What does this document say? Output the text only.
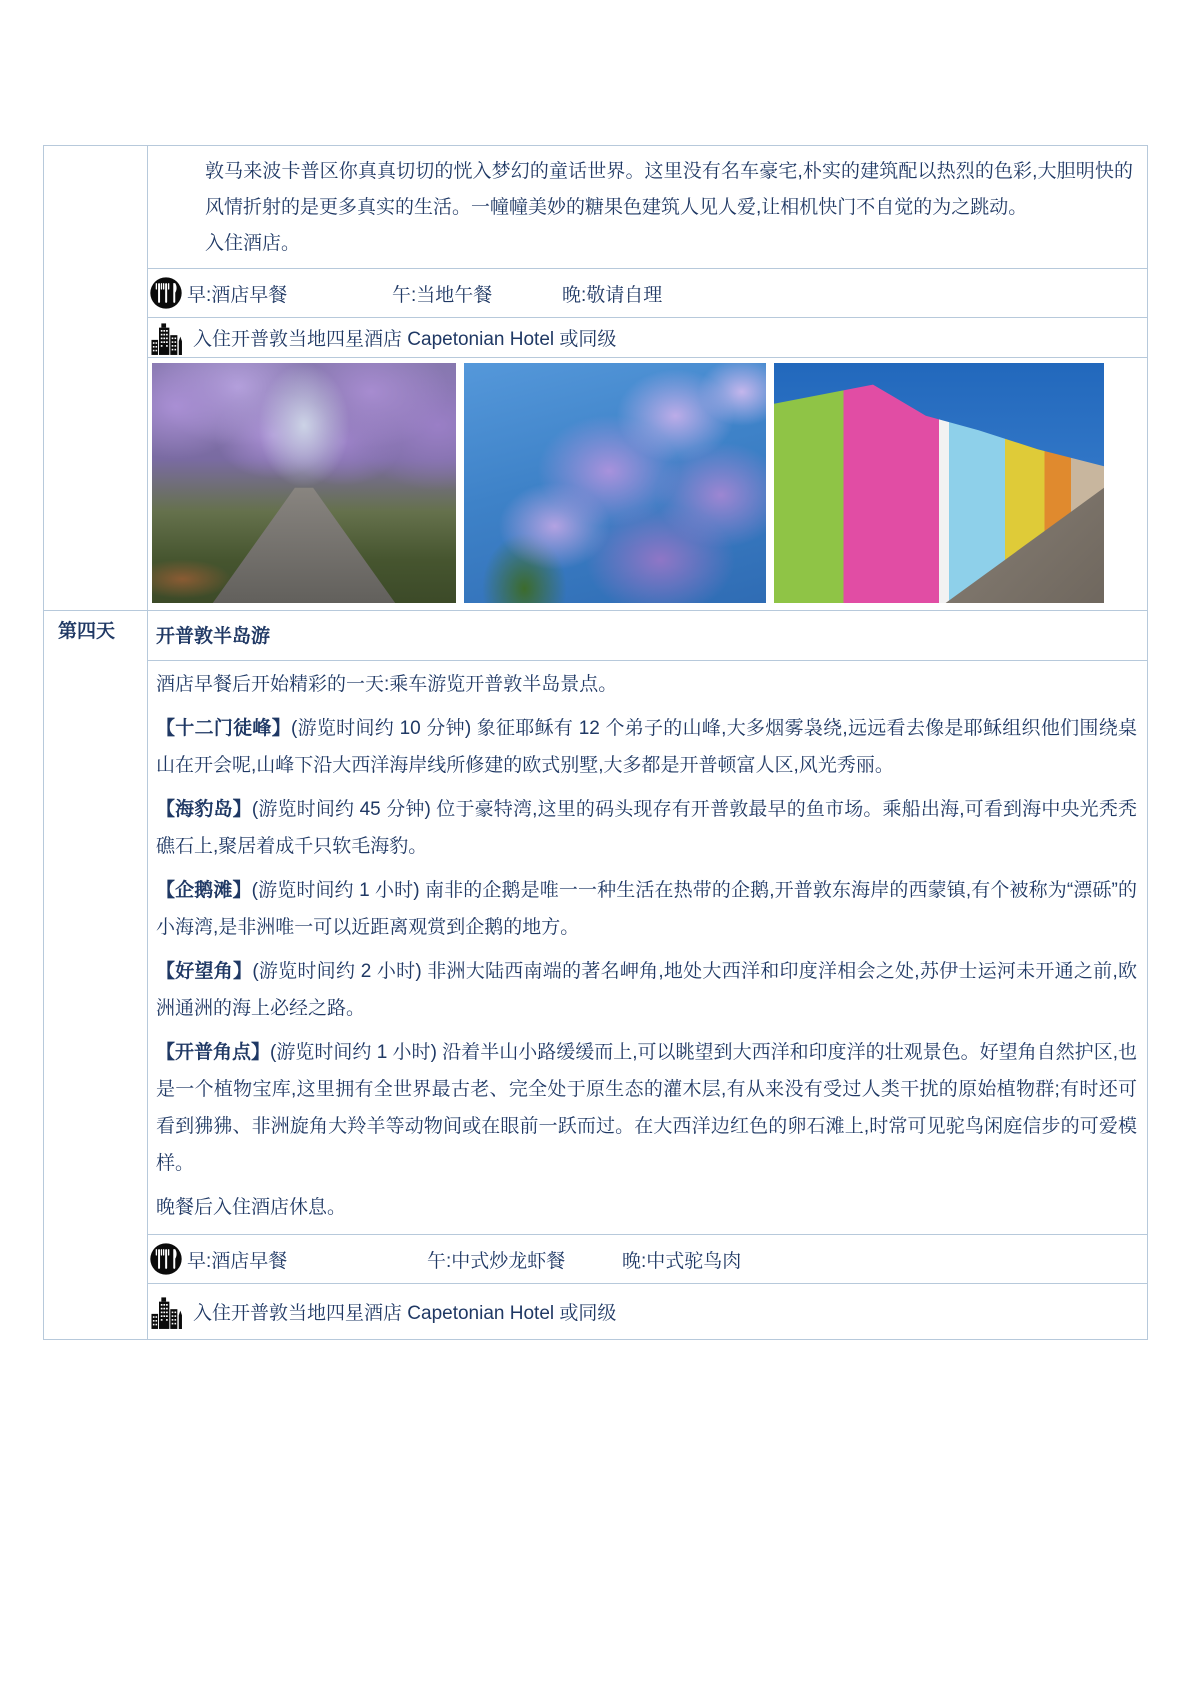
敦马来波卡普区你真真切切的恍入梦幻的童话世界。这里没有名车豪宅,朴实的建筑配以热烈的色彩,大胆明快的风情折射的是更多真实的生活。一幢幢美妙的糖果色建筑人见人爱,让相机快门不自觉的为之跳动。

入住酒店。

早:酒店早餐	午:当地午餐	晚:敬请自理
入住开普敦当地四星酒店 Capetonian Hotel 或同级
第四天	开普敦半岛游

酒店早餐后开始精彩的一天:乘车游览开普敦半岛景点。

【十二门徒峰】(游览时间约 10 分钟) 象征耶稣有 12 个弟子的山峰,大多烟雾袅绕,远远看去像是耶稣组织他们围绕桌山在开会呢,山峰下沿大西洋海岸线所修建的欧式别墅,大多都是开普顿富人区,风光秀丽。

【海豹岛】(游览时间约 45 分钟) 位于豪特湾,这里的码头现存有开普敦最早的鱼市场。乘船出海,可看到海中央光秃秃礁石上,聚居着成千只软毛海豹。

【企鹅滩】(游览时间约 1 小时) 南非的企鹅是唯一一种生活在热带的企鹅,开普敦东海岸的西蒙镇,有个被称为“漂砾”的小海湾,是非洲唯一可以近距离观赏到企鹅的地方。

【好望角】(游览时间约 2 小时) 非洲大陆西南端的著名岬角,地处大西洋和印度洋相会之处,苏伊士运河未开通之前,欧洲通洲的海上必经之路。

【开普角点】(游览时间约 1 小时) 沿着半山小路缓缓而上,可以眺望到大西洋和印度洋的壮观景色。好望角自然护区,也是一个植物宝库,这里拥有全世界最古老、完全处于原生态的灌木层,有从来没有受过人类干扰的原始植物群;有时还可看到狒狒、非洲旋角大羚羊等动物间或在眼前一跃而过。在大西洋边红色的卵石滩上,时常可见驼鸟闲庭信步的可爱模样。

晚餐后入住酒店休息。

早:酒店早餐	午:中式炒龙虾餐	晚:中式驼鸟肉
入住开普敦当地四星酒店 Capetonian Hotel 或同级
